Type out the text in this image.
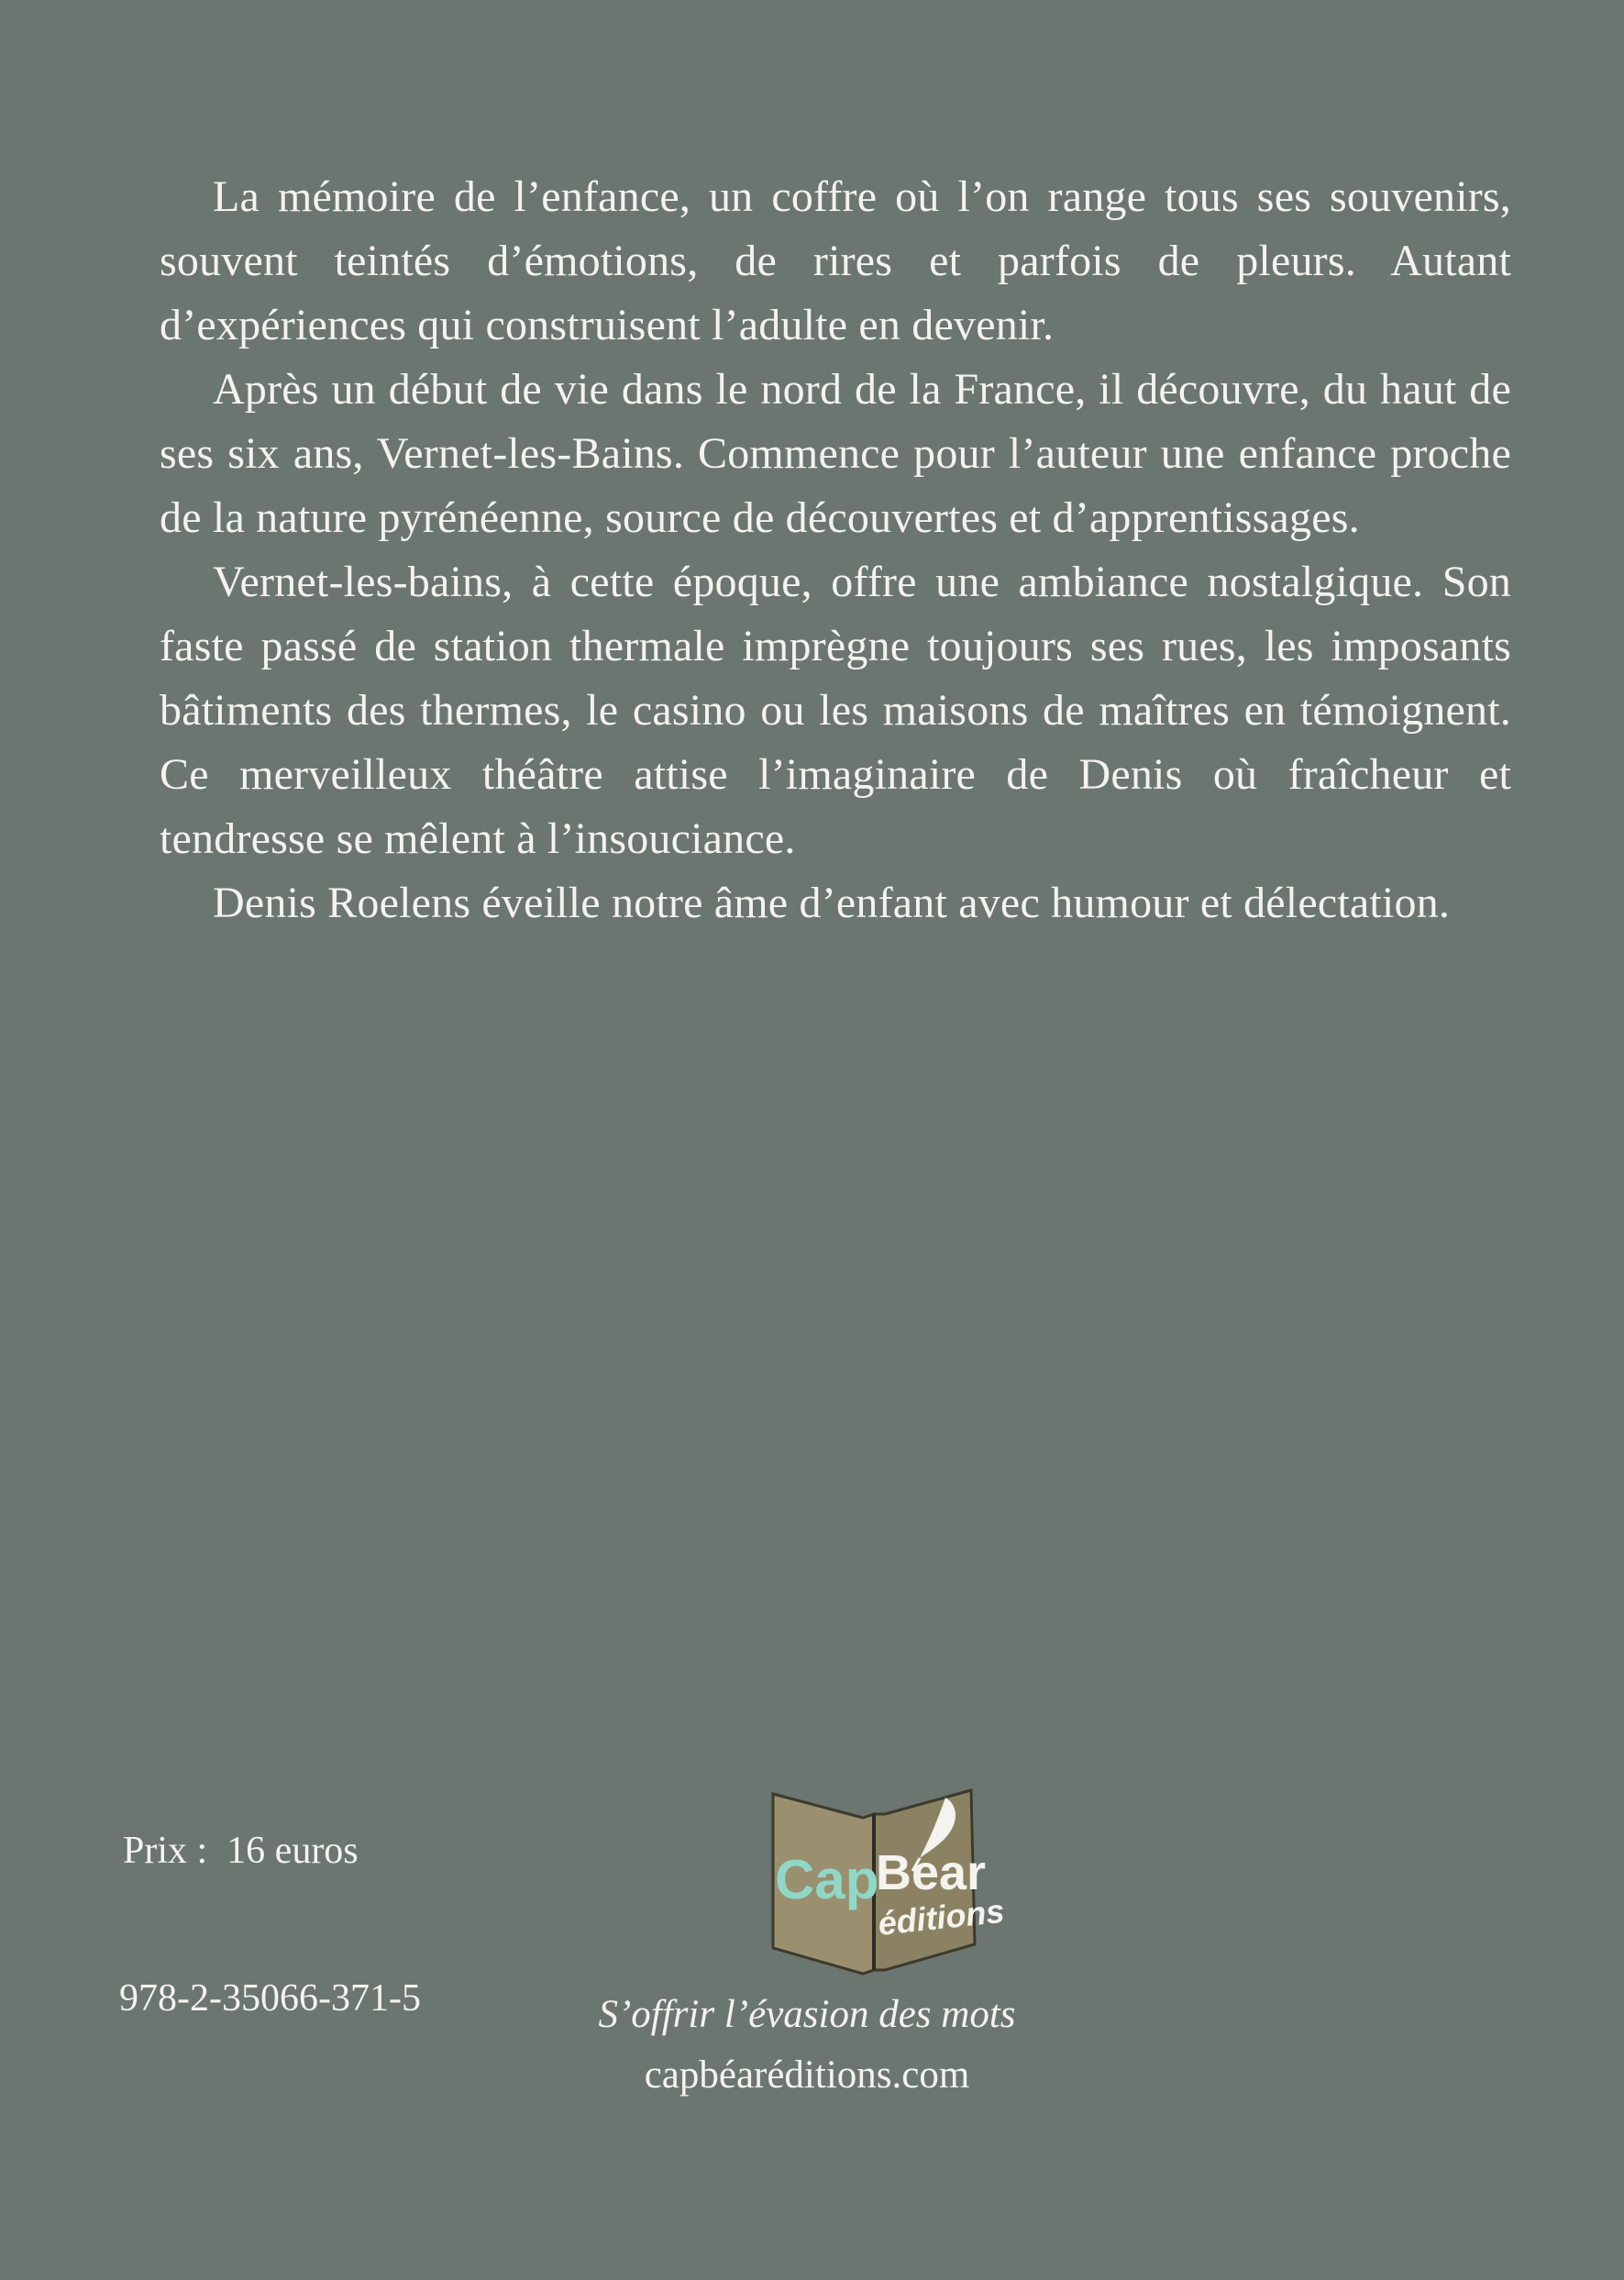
La mémoire de l’enfance, un coffre où l’on range tous ses souvenirs, souvent teintés d’émotions, de rires et parfois de pleurs. Autant d’expériences qui construisent l’adulte en devenir.

Après un début de vie dans le nord de la France, il découvre, du haut de ses six ans, Vernet-les-Bains. Commence pour l’auteur une enfance proche de la nature pyrénéenne, source de découvertes et d’apprentissages.

Vernet-les-bains, à cette époque, offre une ambiance nostalgique. Son faste passé de station thermale imprègne toujours ses rues, les imposants bâtiments des thermes, le casino ou les maisons de maîtres en témoignent. Ce merveilleux théâtre attise l’imaginaire de Denis où fraîcheur et tendresse se mêlent à l’insouciance.

Denis Roelens éveille notre âme d’enfant avec humour et délectation.

Prix :  16 euros
978-2-35066-371-5
Cap
Bear
éditions
S’offrir l’évasion des mots
capbéaréditions.com
